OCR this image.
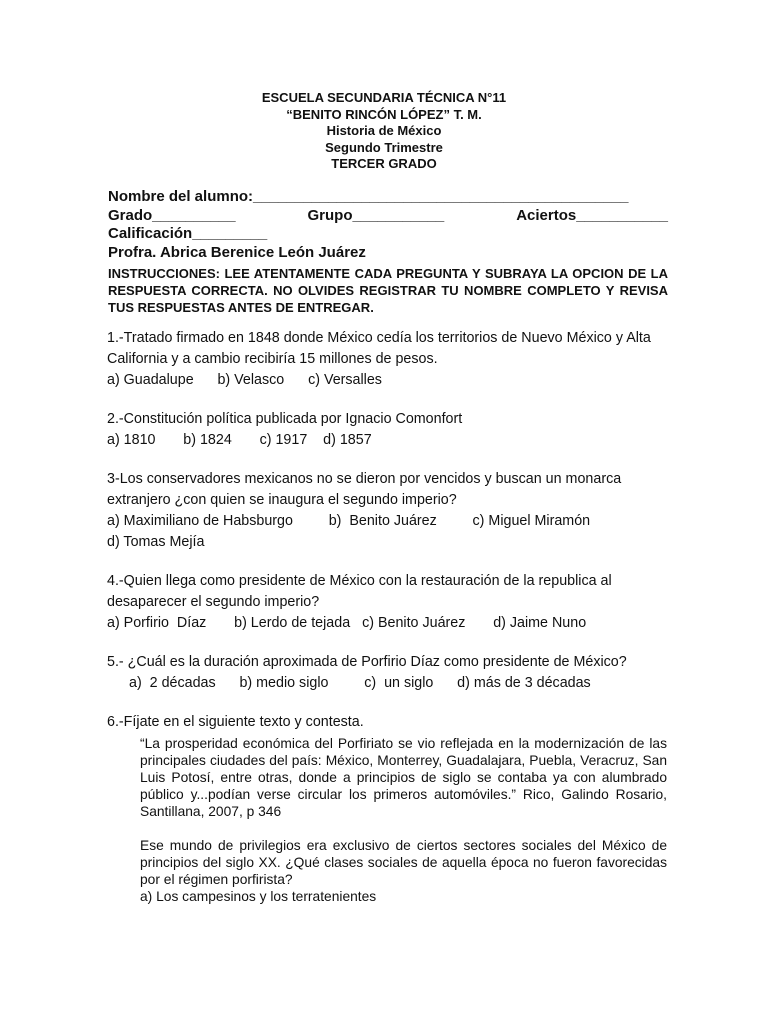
ESCUELA SECUNDARIA TÉCNICA N°11
“BENITO RINCÓN LÓPEZ” T. M.
Historia de México
Segundo Trimestre
TERCER GRADO
Nombre del alumno:_____________________________________________
Grado__________	Grupo___________	Aciertos___________
Calificación_________
Profra. Abrica Berenice León Juárez
INSTRUCCIONES: LEE ATENTAMENTE CADA PREGUNTA Y SUBRAYA LA OPCION DE LA RESPUESTA CORRECTA. NO OLVIDES REGISTRAR TU NOMBRE COMPLETO Y REVISA TUS RESPUESTAS ANTES DE ENTREGAR.

1.-Tratado firmado en 1848 donde México cedía los territorios de Nuevo México y Alta California y a cambio recibiría 15 millones de pesos.

a) Guadalupe      b) Velasco      c) Versalles

2.-Constitución política publicada por Ignacio Comonfort

a) 1810       b) 1824       c) 1917    d) 1857

3-Los conservadores mexicanos no se dieron por vencidos y buscan un monarca extranjero ¿con quien se inaugura el segundo imperio?

a) Maximiliano de Habsburgo         b)  Benito Juárez         c) Miguel Miramón
d) Tomas Mejía

4.-Quien llega como presidente de México con la restauración de la republica al desaparecer el segundo imperio?

a) Porfirio  Díaz       b) Lerdo de tejada   c) Benito Juárez       d) Jaime Nuno

5.- ¿Cuál es la duración aproximada de Porfirio Díaz como presidente de México?

a)  2 décadas      b) medio siglo         c)  un siglo      d) más de 3 décadas

6.-Fíjate en el siguiente texto y contesta.

“La prosperidad económica del Porfiriato se vio reflejada en la modernización de las principales ciudades del país: México, Monterrey, Guadalajara, Puebla, Veracruz, San Luis Potosí, entre otras, donde a principios de siglo se contaba ya con alumbrado público y...podían verse circular los primeros automóviles.” Rico, Galindo Rosario, Santillana, 2007, p 346

Ese mundo de privilegios era exclusivo de ciertos sectores sociales del México de principios del siglo XX. ¿Qué clases sociales de aquella época no fueron favorecidas por el régimen porfirista?

a) Los campesinos y los terratenientes
